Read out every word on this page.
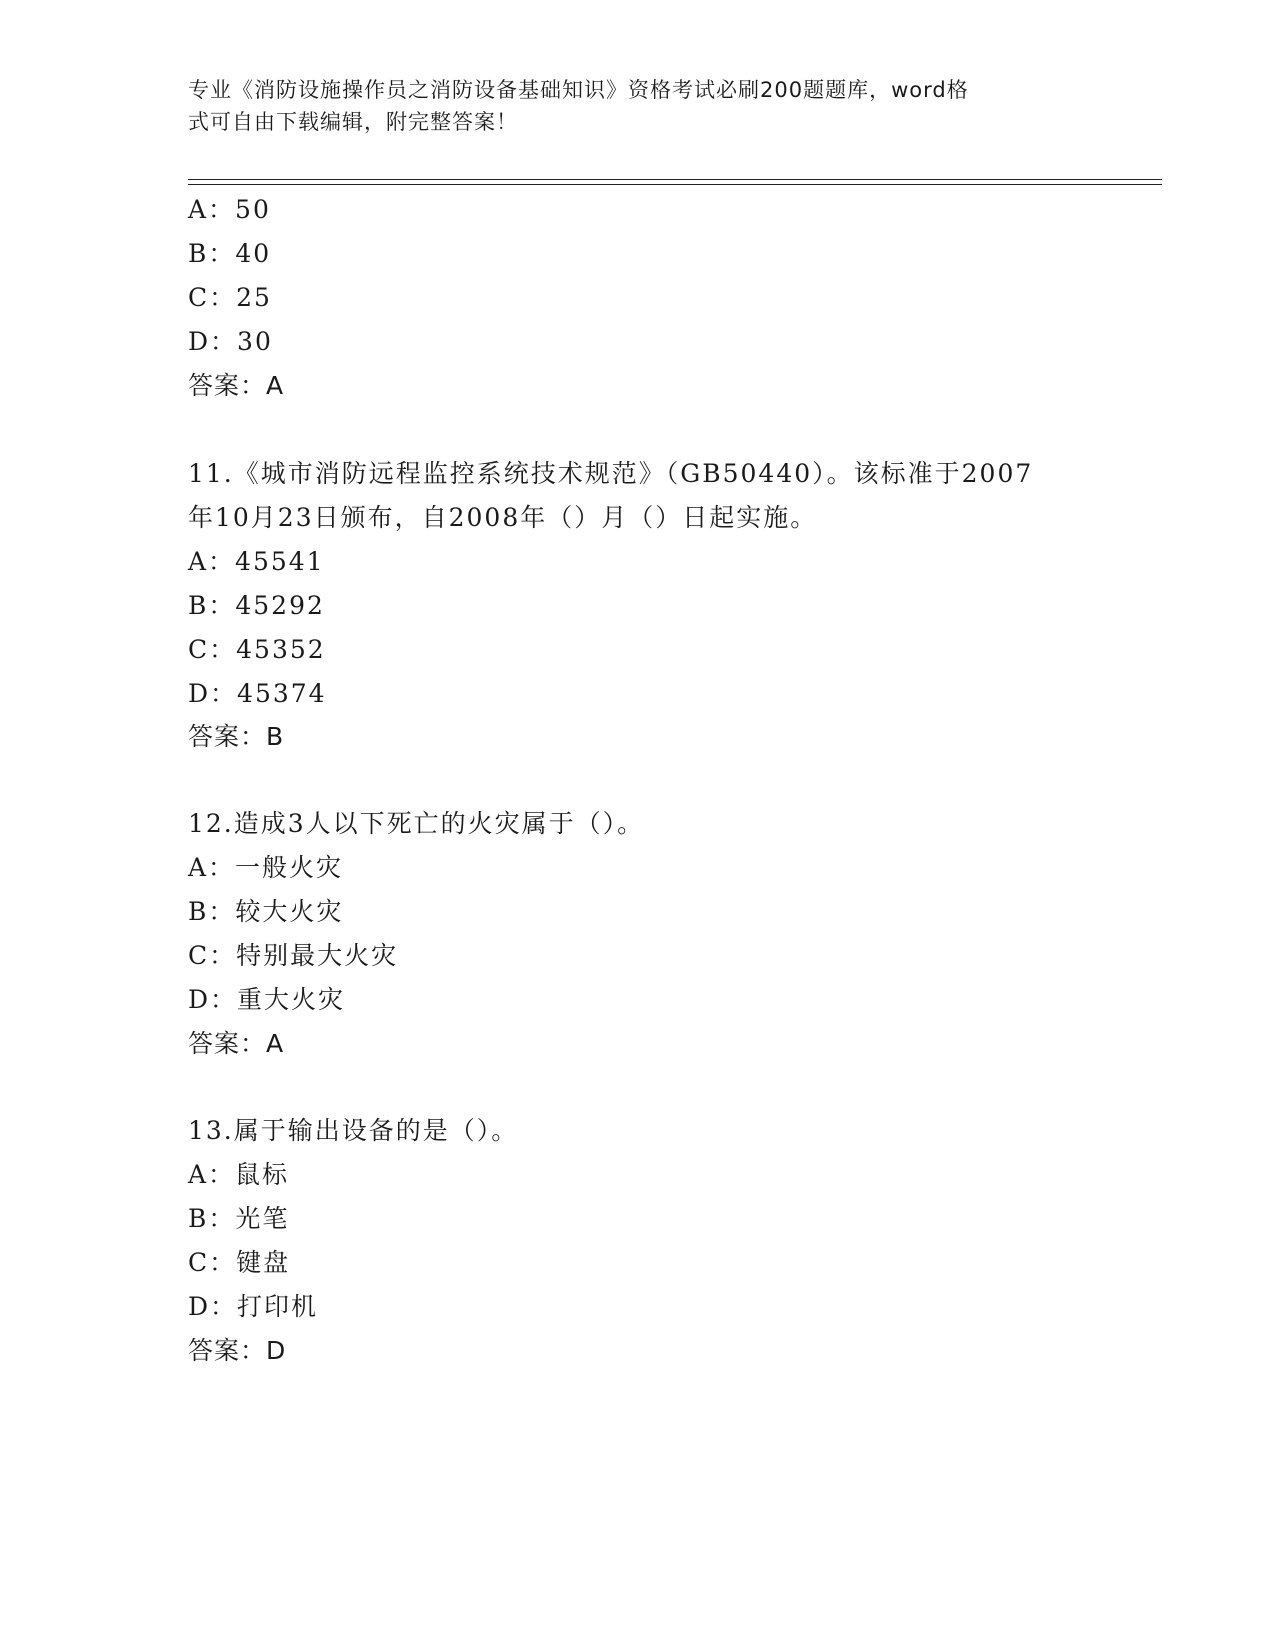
专业《消防设施操作员之消防设备基础知识》资格考试必刷200题题库，word格
式可自由下载编辑，附完整答案！
A：50
B：40
C：25
D：30
答案：A
11.《城市消防远程监控系统技术规范》（GB50440）。该标准于2007
年10月23日颁布，自2008年（）月（）日起实施。
A：45541
B：45292
C：45352
D：45374
答案：B
12.造成3人以下死亡的火灾属于（）。
A：一般火灾
B：较大火灾
C：特别最大火灾
D：重大火灾
答案：A
13.属于输出设备的是（）。
A：鼠标
B：光笔
C：键盘
D：打印机
答案：D
